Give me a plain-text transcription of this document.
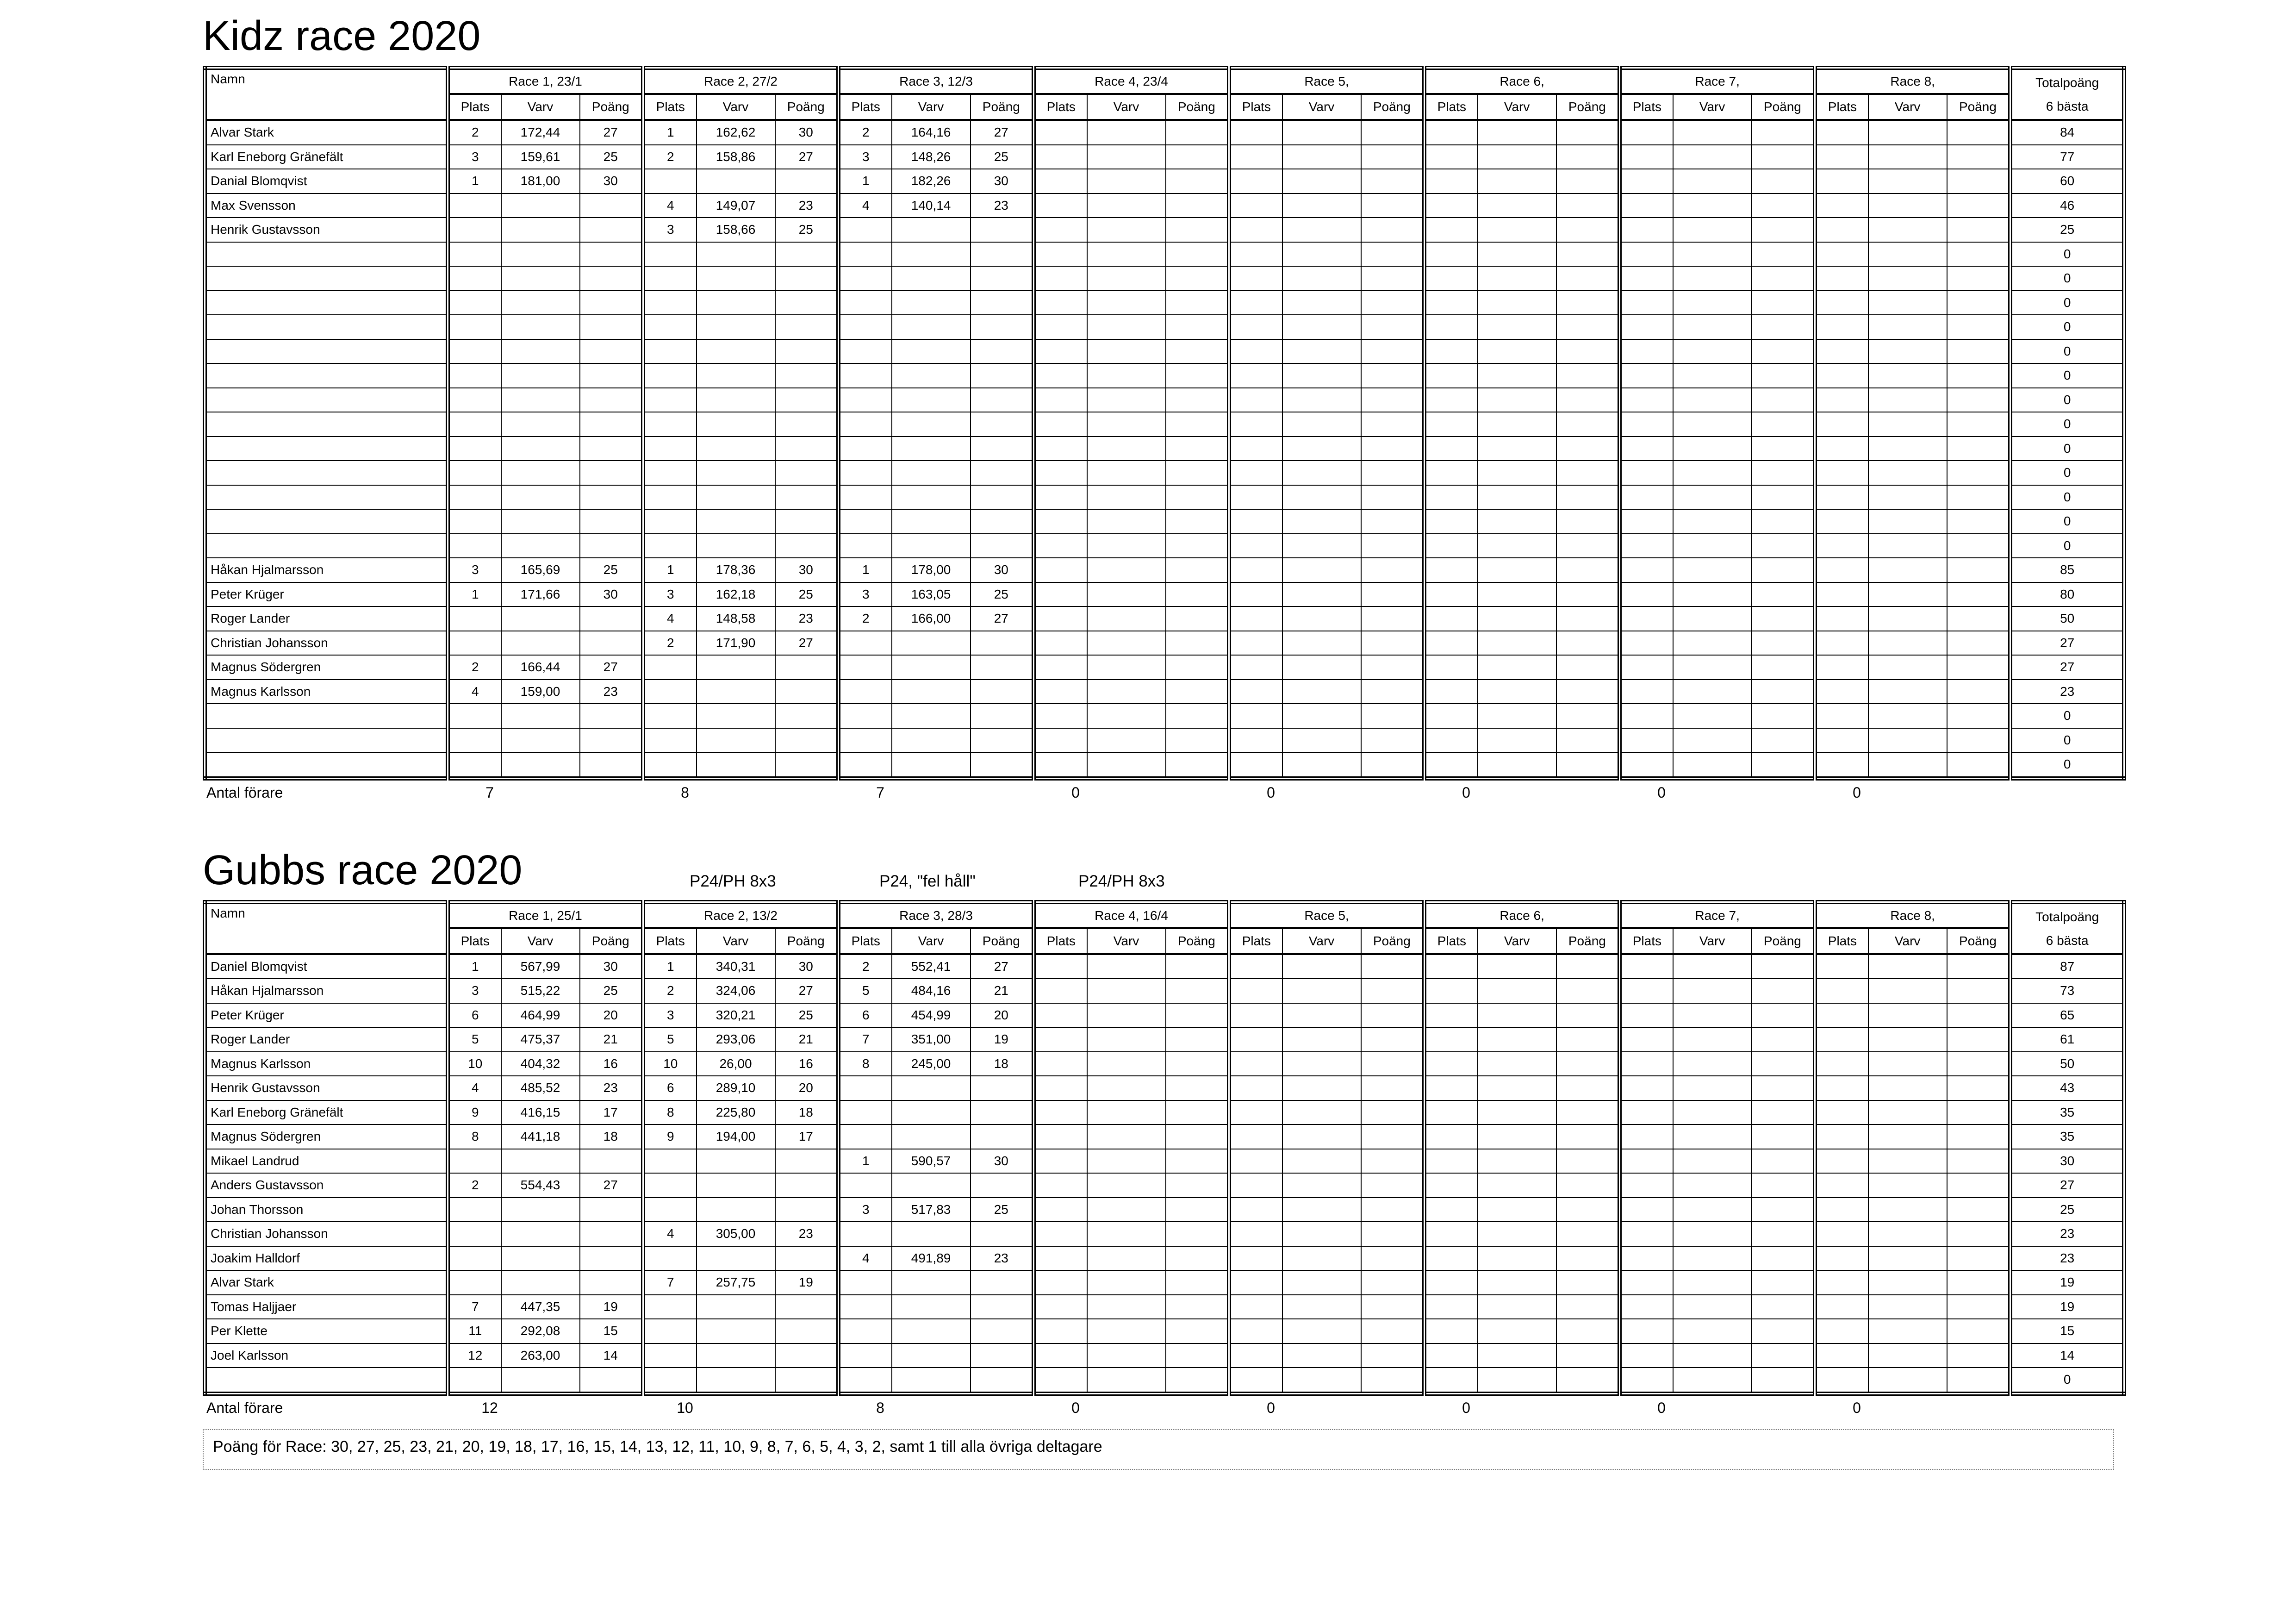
Kidz race 2020
Namn	Race 1, 23/1			Race 2, 27/2			Race 3, 12/3			Race 4, 23/4			Race 5,			Race 6,			Race 7,			Race 8,			Totalpoäng
6 bästa

	Plats	Varv	Poäng	Plats	Varv	Poäng	Plats	Varv	Poäng	Plats	Varv	Poäng	Plats	Varv	Poäng	Plats	Varv	Poäng	Plats	Varv	Poäng	Plats	Varv	Poäng	
Alvar Stark	2	172,44	27	1	162,62	30	2	164,16	27																84
Karl Eneborg Gränefält	3	159,61	25	2	158,86	27	3	148,26	25																77
Danial Blomqvist	1	181,00	30				1	182,26	30																60
Max Svensson				4	149,07	23	4	140,14	23																46
Henrik Gustavsson				3	158,66	25																			25
																									0
																									0
																									0
																									0
																									0
																									0
																									0
																									0
																									0
																									0
																									0
																									0
																									0
Håkan Hjalmarsson	3	165,69	25	1	178,36	30	1	178,00	30																85
Peter Krüger	1	171,66	30	3	162,18	25	3	163,05	25																80
Roger Lander				4	148,58	23	2	166,00	27																50
Christian Johansson				2	171,90	27																			27
Magnus Södergren	2	166,44	27																						27
Magnus Karlsson	4	159,00	23																						23
																									0
																									0
																									0
Antal förare	7	8	7	0	0	0	0	0
Gubbs race 2020	P24/PH 8x3	P24, "fel håll"	P24/PH 8x3
Namn	Race 1, 25/1			Race 2, 13/2			Race 3, 28/3			Race 4, 16/4			Race 5,			Race 6,			Race 7,			Race 8,			Totalpoäng
6 bästa

	Plats	Varv	Poäng	Plats	Varv	Poäng	Plats	Varv	Poäng	Plats	Varv	Poäng	Plats	Varv	Poäng	Plats	Varv	Poäng	Plats	Varv	Poäng	Plats	Varv	Poäng	
Daniel Blomqvist	1	567,99	30	1	340,31	30	2	552,41	27																87
Håkan Hjalmarsson	3	515,22	25	2	324,06	27	5	484,16	21																73
Peter Krüger	6	464,99	20	3	320,21	25	6	454,99	20																65
Roger Lander	5	475,37	21	5	293,06	21	7	351,00	19																61
Magnus Karlsson	10	404,32	16	10	26,00	16	8	245,00	18																50
Henrik Gustavsson	4	485,52	23	6	289,10	20																			43
Karl Eneborg Gränefält	9	416,15	17	8	225,80	18																			35
Magnus Södergren	8	441,18	18	9	194,00	17																			35
Mikael Landrud							1	590,57	30																30
Anders Gustavsson	2	554,43	27																						27
Johan Thorsson							3	517,83	25																25
Christian Johansson				4	305,00	23																			23
Joakim Halldorf							4	491,89	23																23
Alvar Stark				7	257,75	19																			19
Tomas Haljjaer	7	447,35	19																						19
Per Klette	11	292,08	15																						15
Joel Karlsson	12	263,00	14																						14
																									0
Antal förare	12	10	8	0	0	0	0	0
Poäng för Race: 30, 27, 25, 23, 21, 20, 19, 18, 17, 16, 15, 14, 13, 12, 11, 10, 9, 8, 7, 6, 5, 4, 3, 2, samt 1 till alla övriga deltagare
